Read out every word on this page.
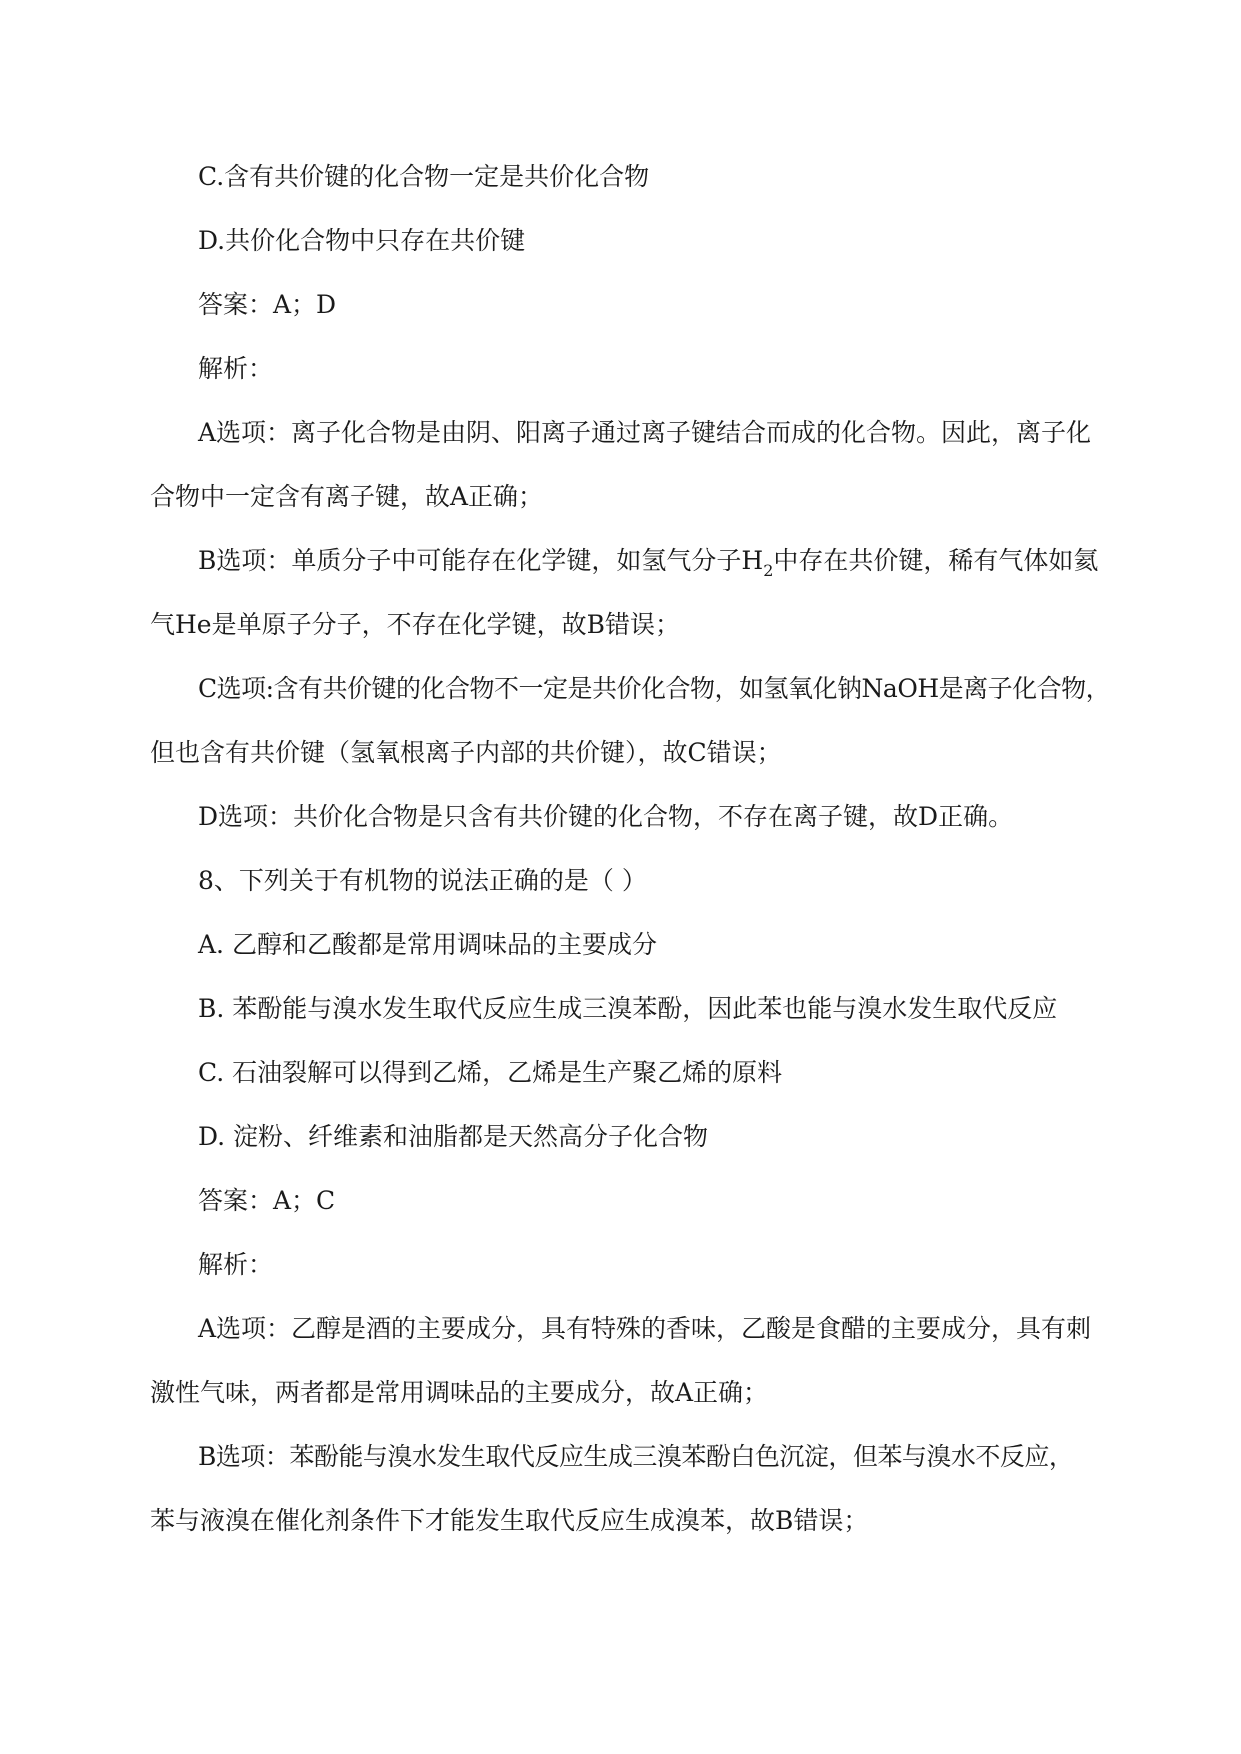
C.含有共价键的化合物一定是共价化合物

D.共价化合物中只存在共价键

答案：A；D

解析：

A选项：离子化合物是由阴、阳离子通过离子键结合而成的化合物。因此，离子化

合物中一定含有离子键，故A正确；

B选项：单质分子中可能存在化学键，如氢气分子$H_2$中存在共价键，稀有气体如氦

气He是单原子分子，不存在化学键，故B错误；

C选项:含有共价键的化合物不一定是共价化合物，如氢氧化钠NaOH是离子化合物，

但也含有共价键（氢氧根离子内部的共价键），故C错误；

D选项：共价化合物是只含有共价键的化合物，不存在离子键，故D正确。

8、下列关于有机物的说法正确的是（ ）

A. 乙醇和乙酸都是常用调味品的主要成分

B. 苯酚能与溴水发生取代反应生成三溴苯酚，因此苯也能与溴水发生取代反应

C. 石油裂解可以得到乙烯，乙烯是生产聚乙烯的原料

D. 淀粉、纤维素和油脂都是天然高分子化合物

答案：A；C

解析：

A选项：乙醇是酒的主要成分，具有特殊的香味，乙酸是食醋的主要成分，具有刺

激性气味，两者都是常用调味品的主要成分，故A正确；

B选项：苯酚能与溴水发生取代反应生成三溴苯酚白色沉淀，但苯与溴水不反应，

苯与液溴在催化剂条件下才能发生取代反应生成溴苯，故B错误；
